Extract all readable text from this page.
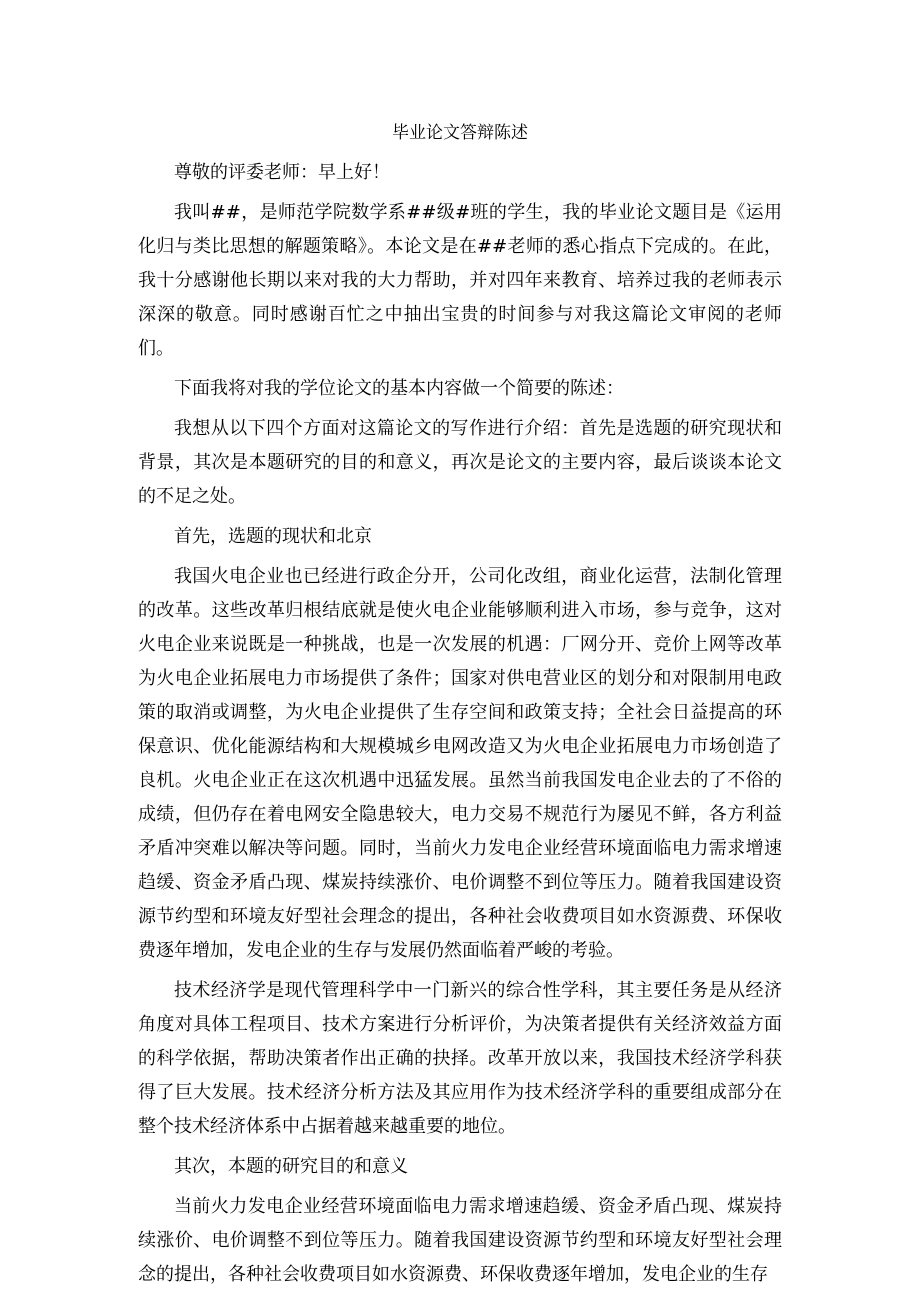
毕业论文答辩陈述

尊敬的评委老师：早上好！

我叫##，是师范学院数学系##级#班的学生，我的毕业论文题目是《运用化归与类比思想的解题策略》。本论文是在##老师的悉心指点下完成的。在此，我十分感谢他长期以来对我的大力帮助，并对四年来教育、培养过我的老师表示深深的敬意。同时感谢百忙之中抽出宝贵的时间参与对我这篇论文审阅的老师们。

下面我将对我的学位论文的基本内容做一个简要的陈述：

我想从以下四个方面对这篇论文的写作进行介绍：首先是选题的研究现状和背景，其次是本题研究的目的和意义，再次是论文的主要内容，最后谈谈本论文的不足之处。

首先，选题的现状和北京

我国火电企业也已经进行政企分开，公司化改组，商业化运营，法制化管理的改革。这些改革归根结底就是使火电企业能够顺利进入市场，参与竞争，这对火电企业来说既是一种挑战，也是一次发展的机遇：厂网分开、竞价上网等改革为火电企业拓展电力市场提供了条件；国家对供电营业区的划分和对限制用电政策的取消或调整，为火电企业提供了生存空间和政策支持；全社会日益提高的环保意识、优化能源结构和大规模城乡电网改造又为火电企业拓展电力市场创造了良机。火电企业正在这次机遇中迅猛发展。虽然当前我国发电企业去的了不俗的成绩，但仍存在着电网安全隐患较大，电力交易不规范行为屡见不鲜，各方利益矛盾冲突难以解决等问题。同时，当前火力发电企业经营环境面临电力需求增速趋缓、资金矛盾凸现、煤炭持续涨价、电价调整不到位等压力。随着我国建设资源节约型和环境友好型社会理念的提出，各种社会收费项目如水资源费、环保收费逐年增加，发电企业的生存与发展仍然面临着严峻的考验。

技术经济学是现代管理科学中一门新兴的综合性学科，其主要任务是从经济角度对具体工程项目、技术方案进行分析评价，为决策者提供有关经济效益方面的科学依据，帮助决策者作出正确的抉择。改革开放以来，我国技术经济学科获得了巨大发展。技术经济分析方法及其应用作为技术经济学科的重要组成部分在整个技术经济体系中占据着越来越重要的地位。

其次，本题的研究目的和意义

当前火力发电企业经营环境面临电力需求增速趋缓、资金矛盾凸现、煤炭持续涨价、电价调整不到位等压力。随着我国建设资源节约型和环境友好型社会理念的提出，各种社会收费项目如水资源费、环保收费逐年增加，发电企业的生存
